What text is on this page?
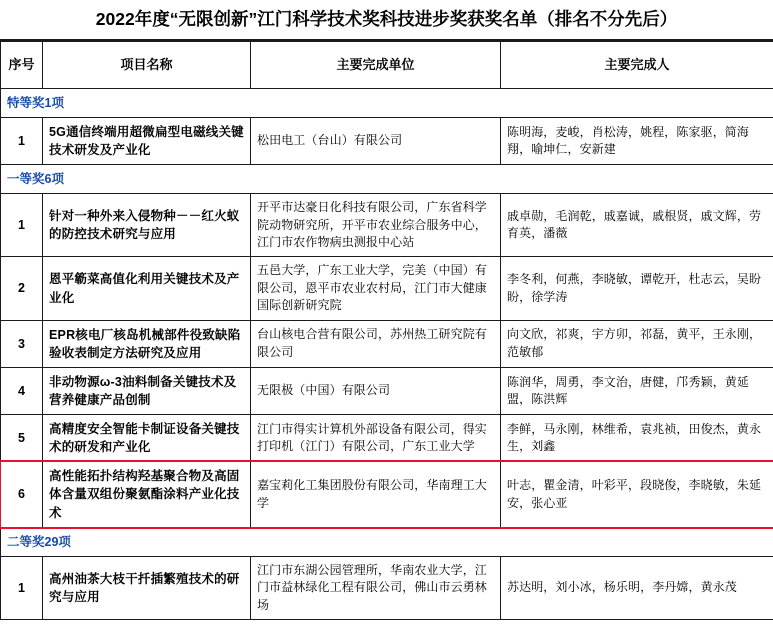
2022年度“无限创新”江门科学技术奖科技进步奖获奖名单（排名不分先后）
序号	项目名称	主要完成单位	主要完成人
特等奖1项			
1	5G通信终端用超微扁型电磁线关键技术研发及产业化	松田电工（台山）有限公司	陈明海，麦峻，肖松涛，姚程，陈家驱，简海翔，喻坤仁，安新建
一等奖6项			
1	针对一种外来入侵物种－－红火蚁的防控技术研究与应用	开平市达豪日化科技有限公司，广东省科学院动物研究所，开平市农业综合服务中心，江门市农作物病虫测报中心站	戚卓勋，毛润乾，戚嘉诚，戚根贤，戚文辉，劳育英，潘薇
2	恩平簕菜高值化利用关键技术及产业化	五邑大学，广东工业大学，完美（中国）有限公司，恩平市农业农村局，江门市大健康国际创新研究院	李冬利，何燕，李晓敏，谭乾开，杜志云，吴盼盼，徐学涛
3	EPR核电厂核岛机械部件役致缺陷验收表制定方法研究及应用	台山核电合营有限公司，苏州热工研究院有限公司	向文欣，祁爽，宇方卯，祁磊，黄平，王永刚，范敏郁
4	非动物源ω-3油料制备关键技术及营养健康产品创制	无限极（中国）有限公司	陈润华，周勇，李文治，唐健，邝秀颖，黄延盟，陈洪辉
5	高精度安全智能卡制证设备关键技术的研发和产业化	江门市得实计算机外部设备有限公司，得实打印机（江门）有限公司，广东工业大学	李鲜，马永刚，林维希，袁兆祯，田俊杰，黄永生，刘鑫
6	高性能拓扑结构羟基聚合物及高固体含量双组份聚氨酯涂料产业化技术	嘉宝莉化工集团股份有限公司，华南理工大学	叶志，瞿金清，叶彩平，段晓俊，李晓敏，朱延安，张心亚
二等奖29项			
1	高州油茶大枝干扦插繁殖技术的研究与应用	江门市东湖公园管理所，华南农业大学，江门市益林绿化工程有限公司，佛山市云勇林场	苏达明，刘小冰，杨乐明，李丹嫦，黄永茂
